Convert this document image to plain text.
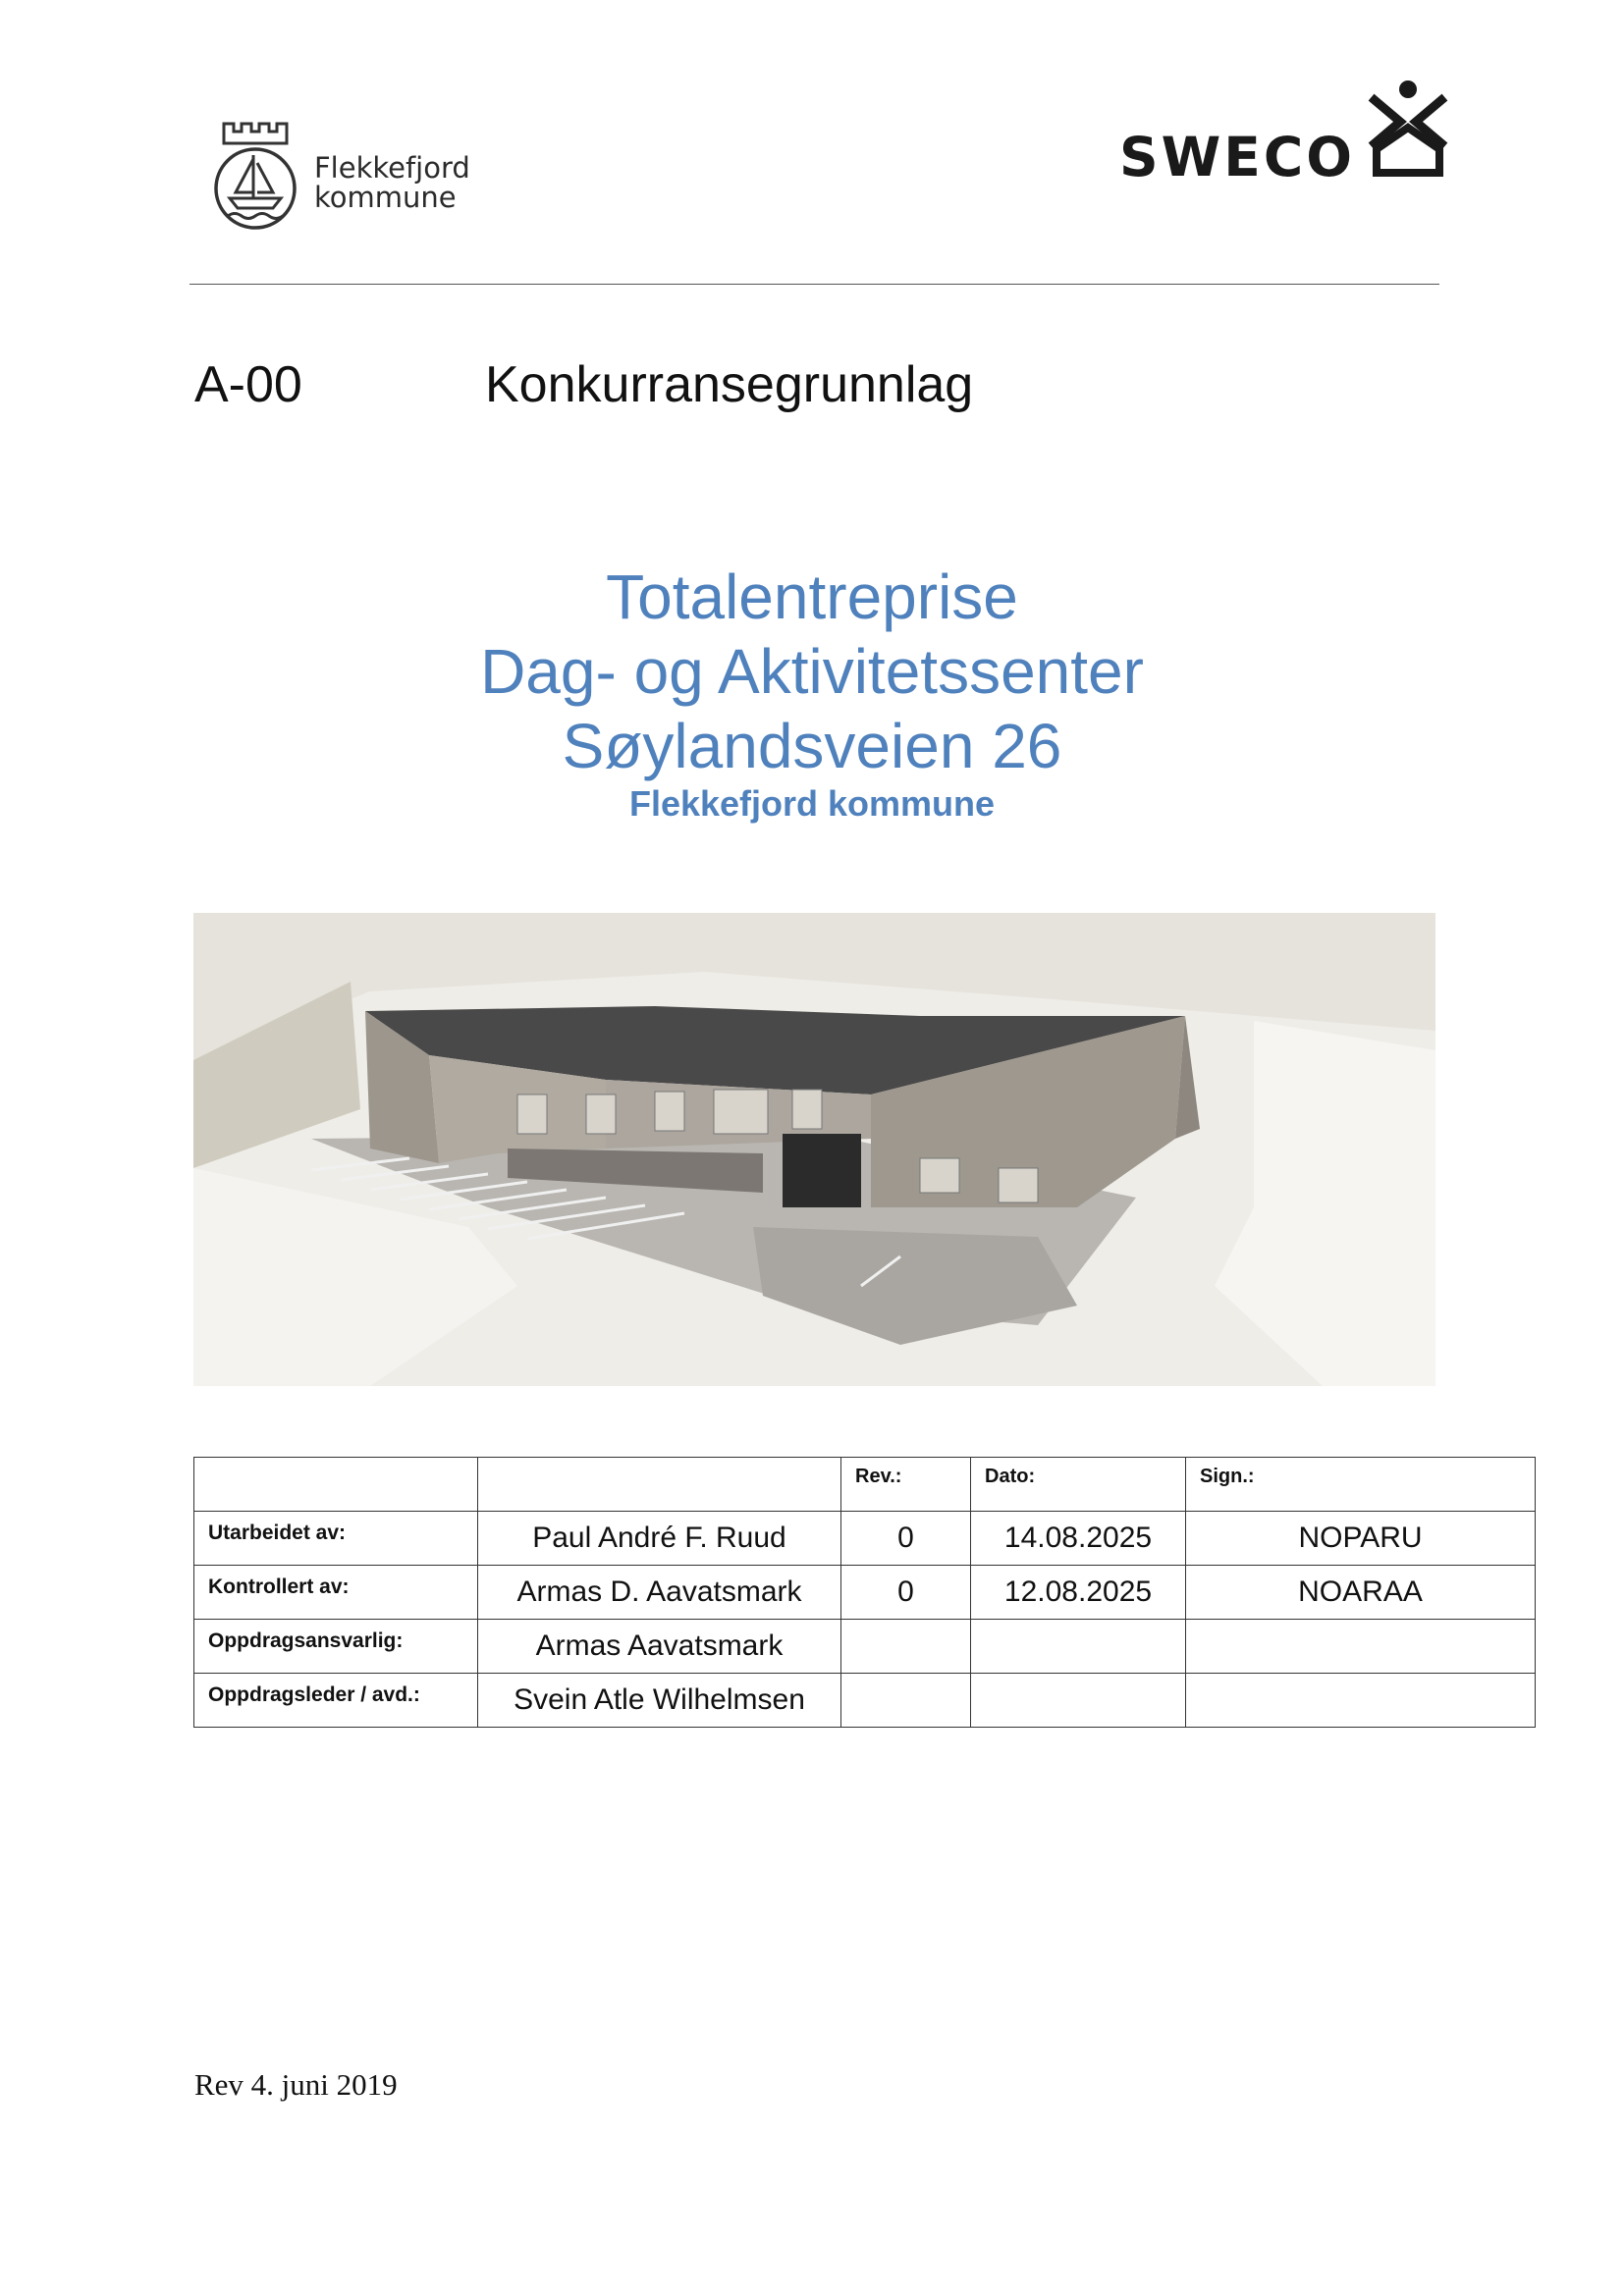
Flekkefjord
kommune
SWECO
A-00	Konkurransegrunnlag
Totalentreprise
Dag- og Aktivitetssenter
Søylandsveien 26
Flekkefjord kommune

		Rev.:	Dato:	Sign.:

Utarbeidet av:	Paul André F. Ruud	0	14.08.2025	NOPARU

Kontrollert av:	Armas D. Aavatsmark	0	12.08.2025	NOARAA

Oppdragsansvarlig:	Armas Aavatsmark			

Oppdragsleder / avd.:	Svein Atle Wilhelmsen			

Rev 4. juni 2019
